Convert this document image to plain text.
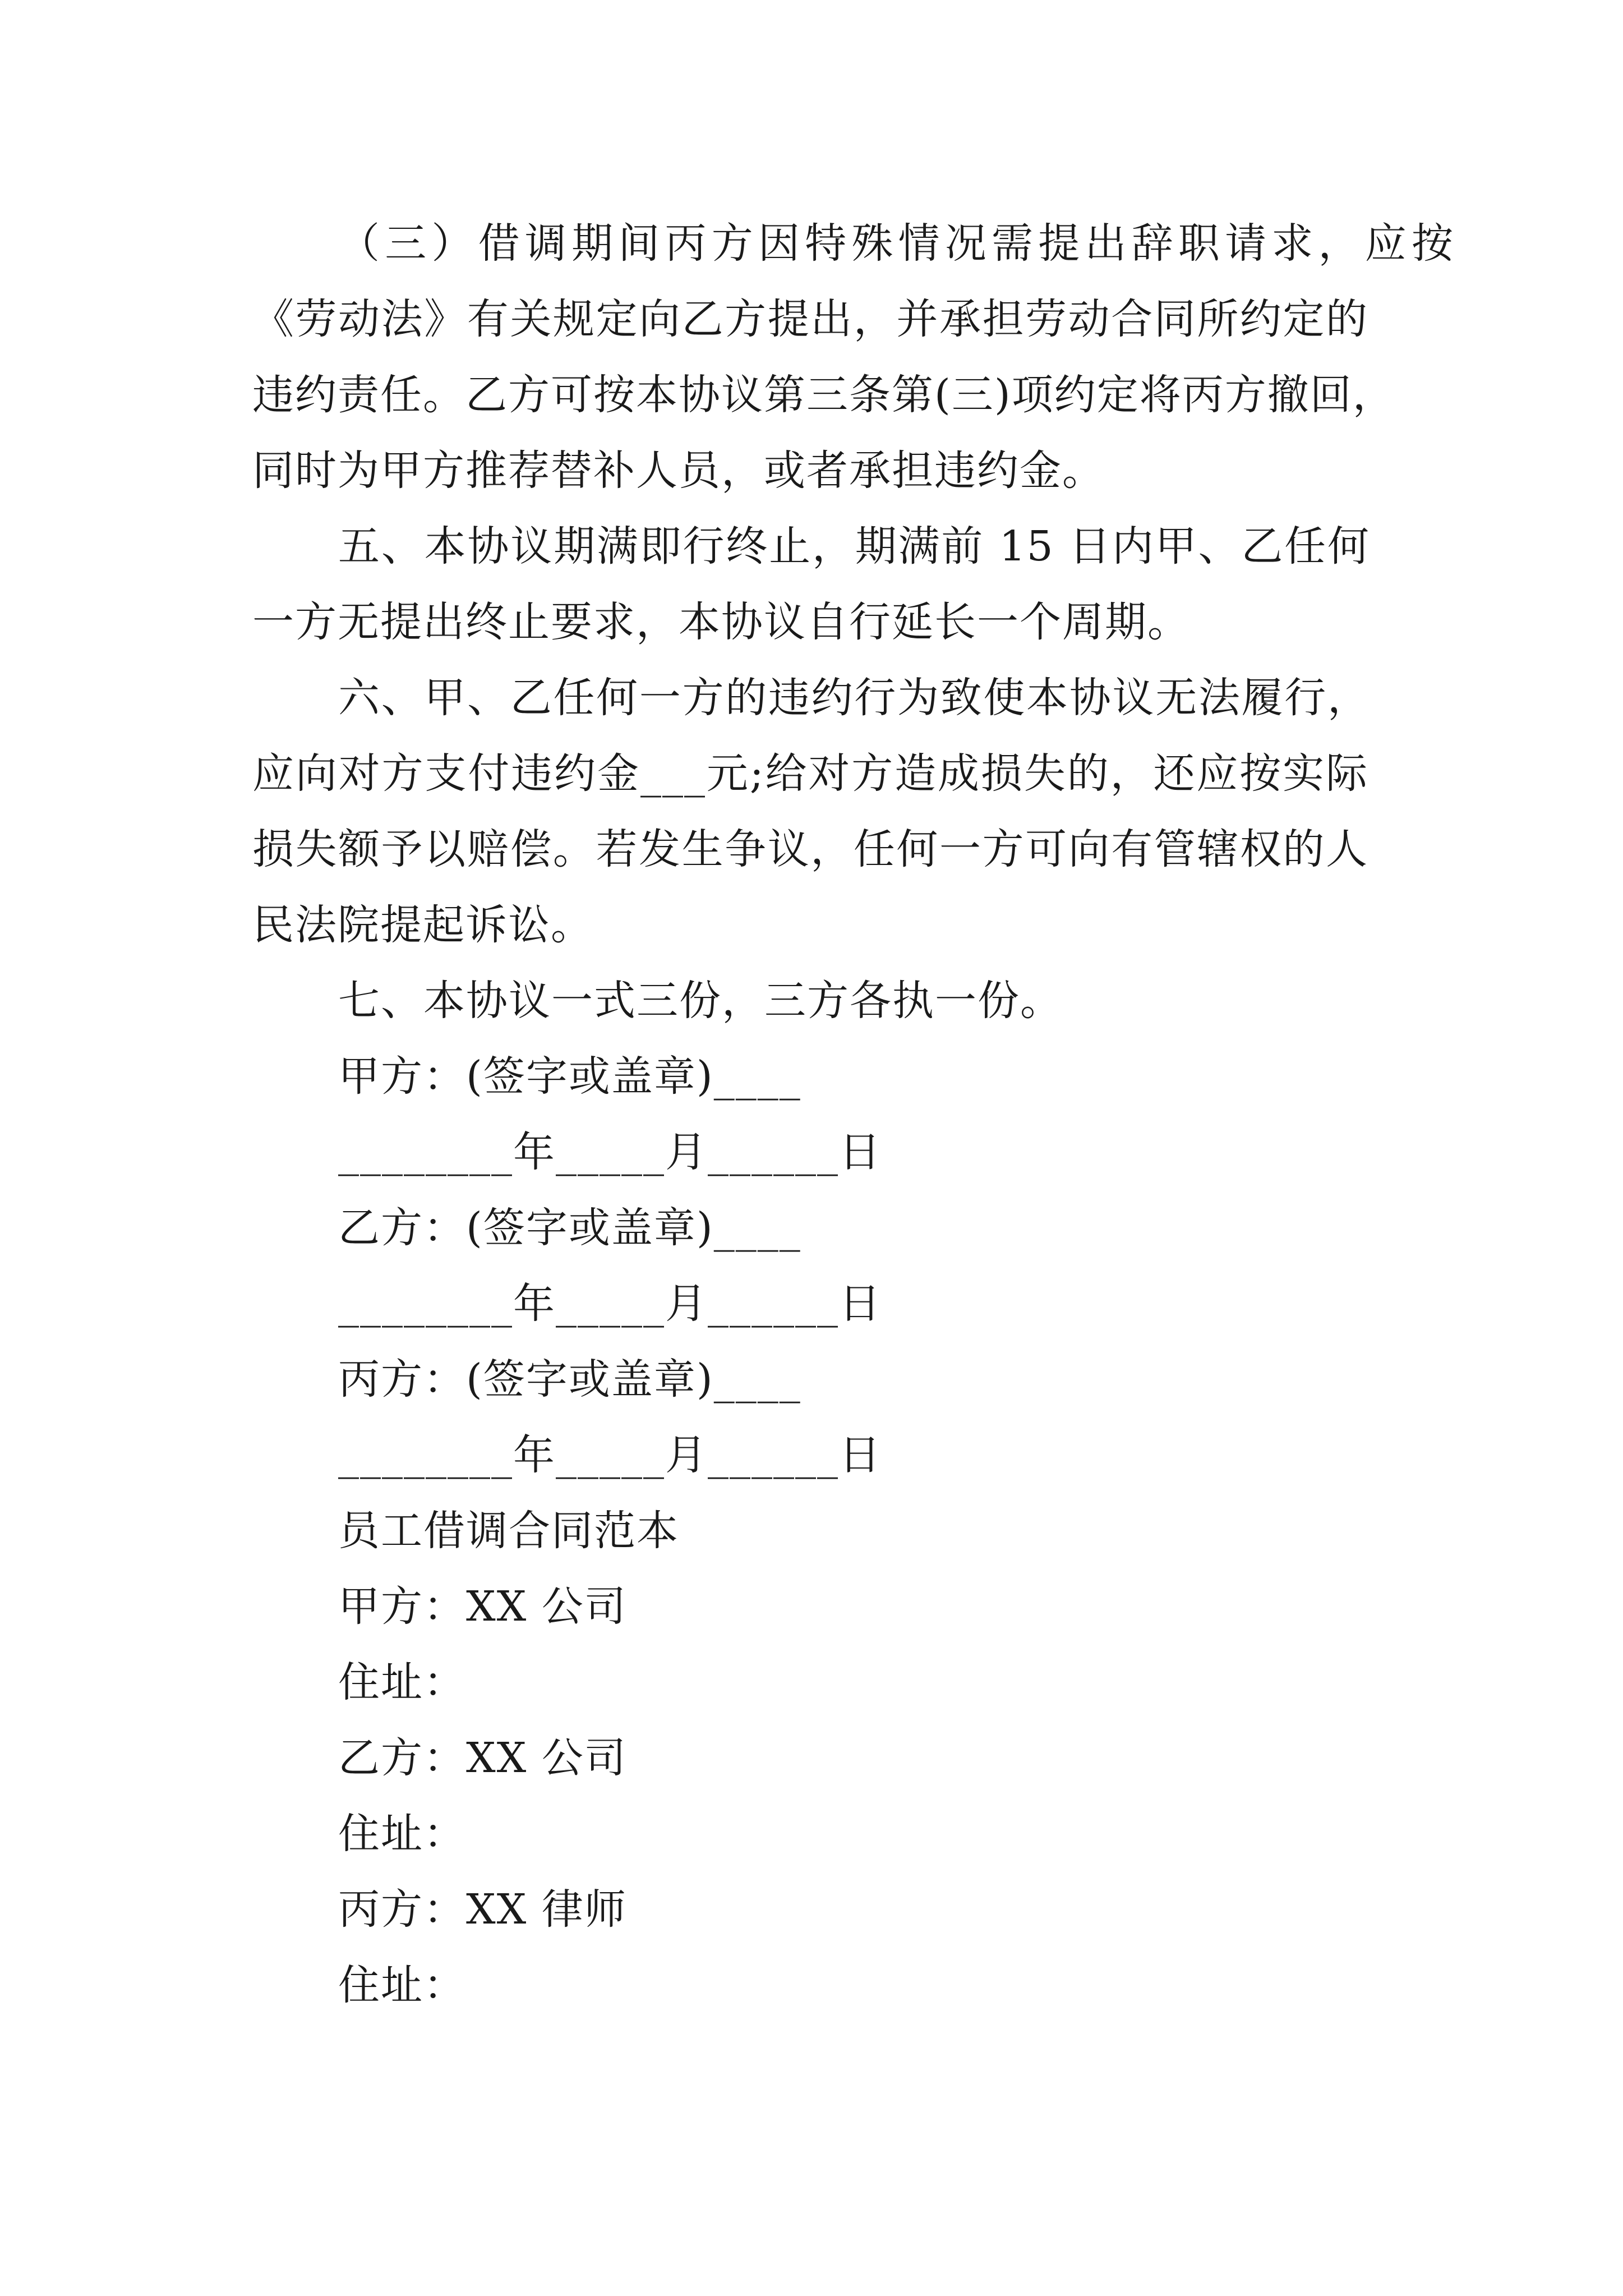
（三）借调期间丙方因特殊情况需提出辞职请求，应按
《劳动法》有关规定向乙方提出，并承担劳动合同所约定的
违约责任。乙方可按本协议第三条第(三)项约定将丙方撤回，
同时为甲方推荐替补人员，或者承担违约金。
五、本协议期满即行终止，期满前 15 日内甲、乙任何
一方无提出终止要求，本协议自行延长一个周期。
六、甲、乙任何一方的违约行为致使本协议无法履行，
应向对方支付违约金___元;给对方造成损失的，还应按实际
损失额予以赔偿。若发生争议，任何一方可向有管辖权的人
民法院提起诉讼。
七、本协议一式三份，三方各执一份。
甲方：(签字或盖章)____
________年_____月______日
乙方：(签字或盖章)____
________年_____月______日
丙方：(签字或盖章)____
________年_____月______日
员工借调合同范本
甲方：XX 公司
住址：
乙方：XX 公司
住址：
丙方：XX 律师
住址：
